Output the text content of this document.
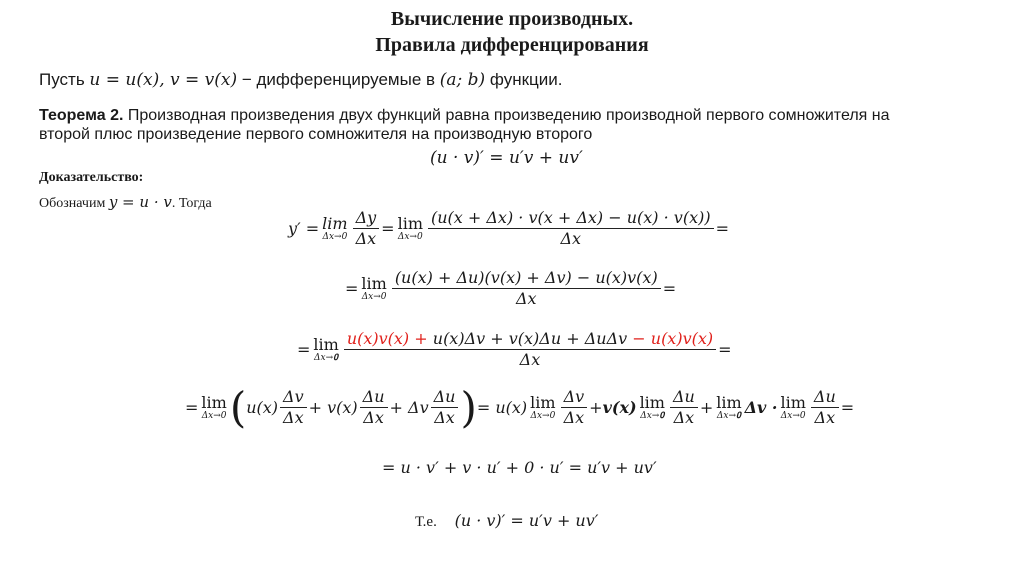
Вычисление производных.
Правила дифференцирования
Пусть u = u(x), v = v(x) − дифференцируемые в (a; b) функции.
Теорема 2. Производная произведения двух функций равна произведению производной первого сомножителя на
второй плюс произведение первого сомножителя на производную второго
(u · v)′ = u′v + uv′
Доказательство:
Обозначим y = u · v. Тогда
y′ = lim
$\Delta x\to 0 \frac{\Delta y}{\Delta x} = \lim$
$\Delta x\to 0 \frac{(u(x + \Delta x) \cdot v(x + \Delta x) - u(x) \cdot v(x))}{\Delta x}$ =
= lim
$\Delta x\to 0 \frac{(u(x) + \Delta u)(v(x) + \Delta v) - u(x)v(x)}{\Delta x}$ =
= lim
Δx→𝟎 $\frac{\text{u(x)v(x) + u(x)Δv + v(x)Δu + ΔuΔv − u(x)v(x)}}{\Delta x}$ =
= lim
Δx→0 ( $u(x) \frac{\Delta v}{\Delta x} + v(x) \frac{\Delta u}{\Delta x} + \Delta v \frac{\Delta u}{\Delta x}$ ) = u(x) lim
$\Delta x\to 0 \frac{\Delta v}{\Delta x}$ + 𝒗(𝒙) lim
Δx→𝟎 $\frac{\Delta u}{\Delta x} + \lim$
Δx→𝟎 Δ𝒗 · lim
$\Delta x\to 0 \frac{\Delta u}{\Delta x}$ =
= u · v′ + v · u′ + 0 · u′ = u′v + uv′
Т.е. (u · v)′ = u′v + uv′
